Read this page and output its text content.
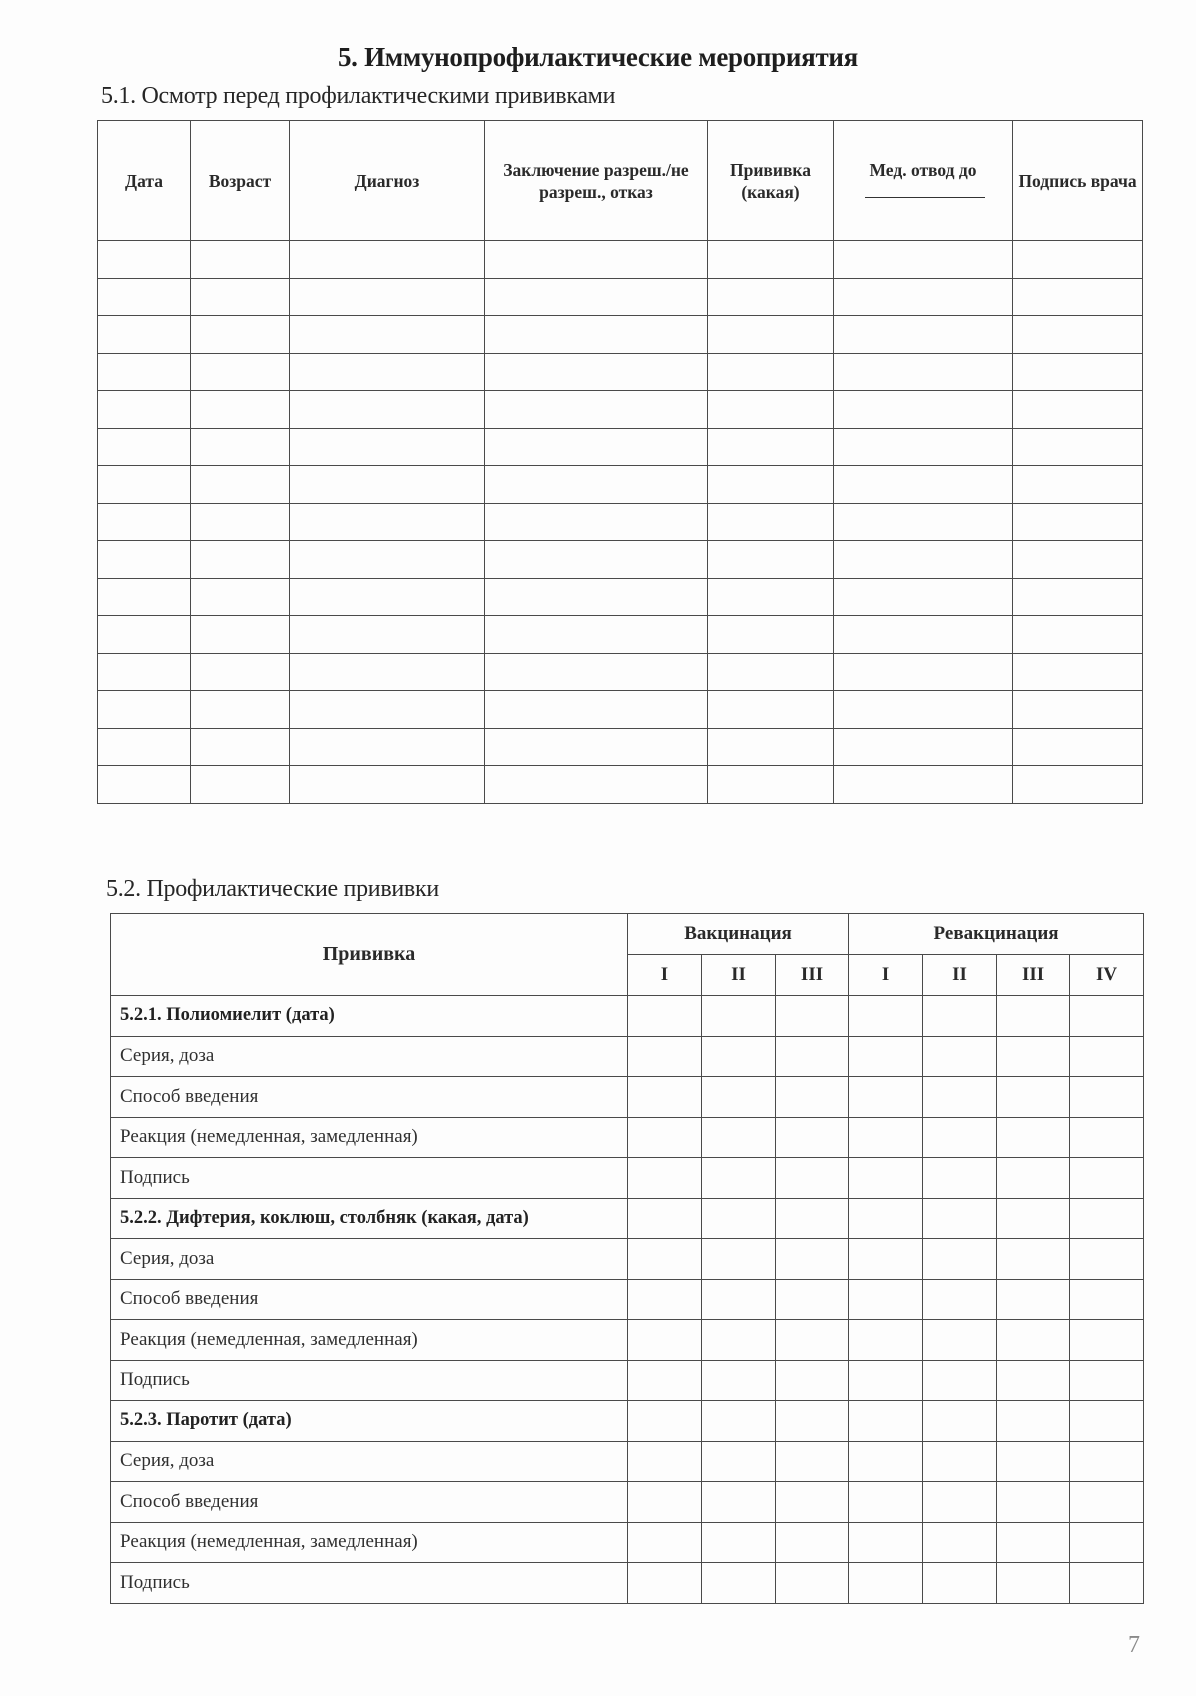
5. Иммунопрофилактические мероприятия
5.1. Осмотр перед профилактическими прививками
Дата	Возраст	Диагноз	Заключение разреш./не разреш., отказ	Прививка (какая)	Мед. отвод до	Подпись врача

5.2. Профилактические прививки
Прививка	Вакцинация			Ревакцинация			
	I	II	III	I	II	III	IV
5.2.1. Полиомиелит (дата)							
Серия, доза							
Способ введения							
Реакция (немедленная, замедленная)							
Подпись							
5.2.2. Дифтерия, коклюш, столбняк (какая, дата)							
Серия, доза							
Способ введения							
Реакция (немедленная, замедленная)							
Подпись							
5.2.3. Паротит (дата)							
Серия, доза							
Способ введения							
Реакция (немедленная, замедленная)							
Подпись							
7
